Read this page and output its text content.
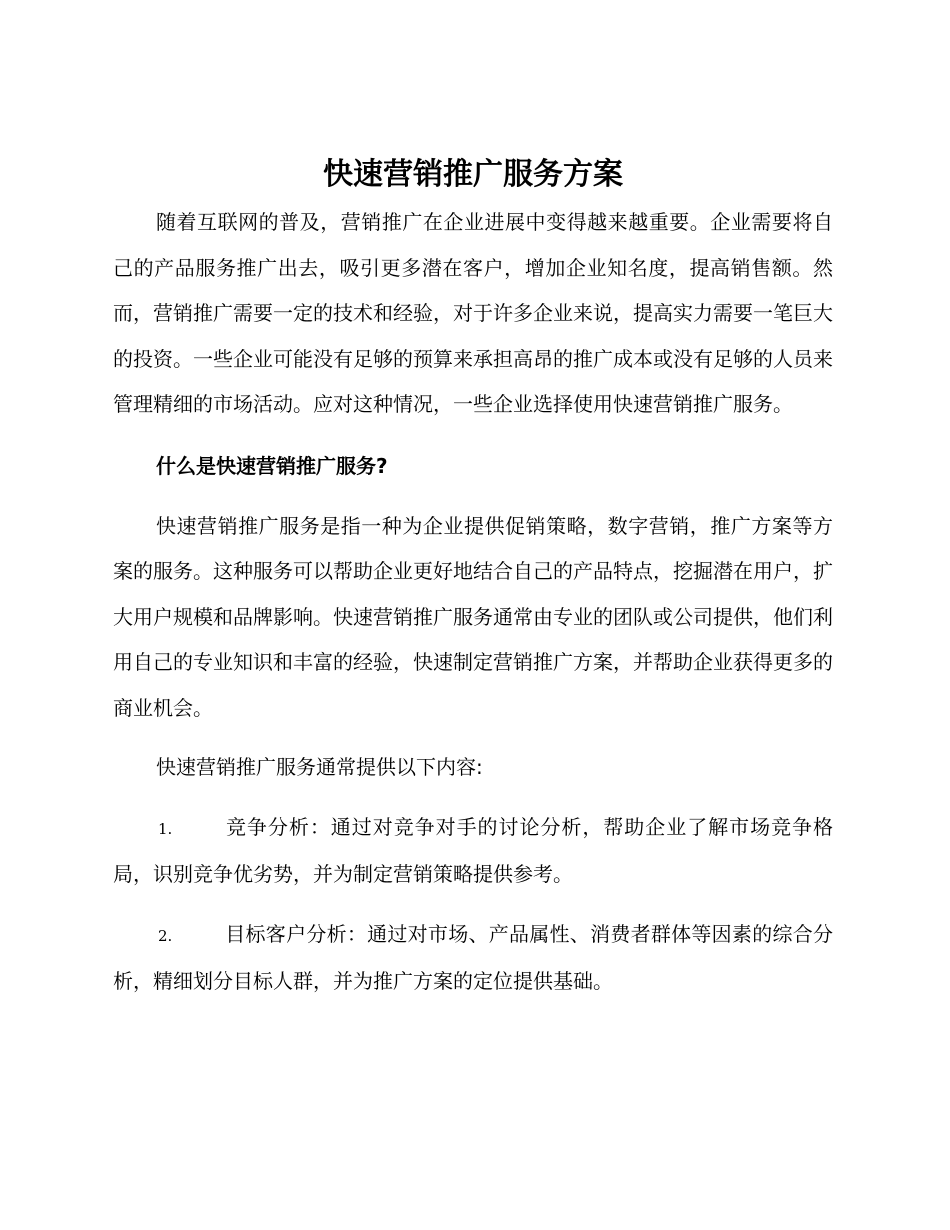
快速营销推广服务方案

随着互联网的普及，营销推广在企业进展中变得越来越重要。企业需要将自己的产品服务推广出去，吸引更多潜在客户，增加企业知名度，提高销售额。然而，营销推广需要一定的技术和经验，对于许多企业来说，提高实力需要一笔巨大的投资。一些企业可能没有足够的预算来承担高昂的推广成本或没有足够的人员来管理精细的市场活动。应对这种情况，一些企业选择使用快速营销推广服务。

什么是快速营销推广服务?

快速营销推广服务是指一种为企业提供促销策略，数字营销，推广方案等方案的服务。这种服务可以帮助企业更好地结合自己的产品特点，挖掘潜在用户，扩大用户规模和品牌影响。快速营销推广服务通常由专业的团队或公司提供，他们利用自己的专业知识和丰富的经验，快速制定营销推广方案，并帮助企业获得更多的商业机会。

快速营销推广服务通常提供以下内容:

1.	竞争分析：通过对竞争对手的讨论分析，帮助企业了解市场竞争格局，识别竞争优劣势，并为制定营销策略提供参考。
2.	目标客户分析：通过对市场、产品属性、消费者群体等因素的综合分析，精细划分目标人群，并为推广方案的定位提供基础。
